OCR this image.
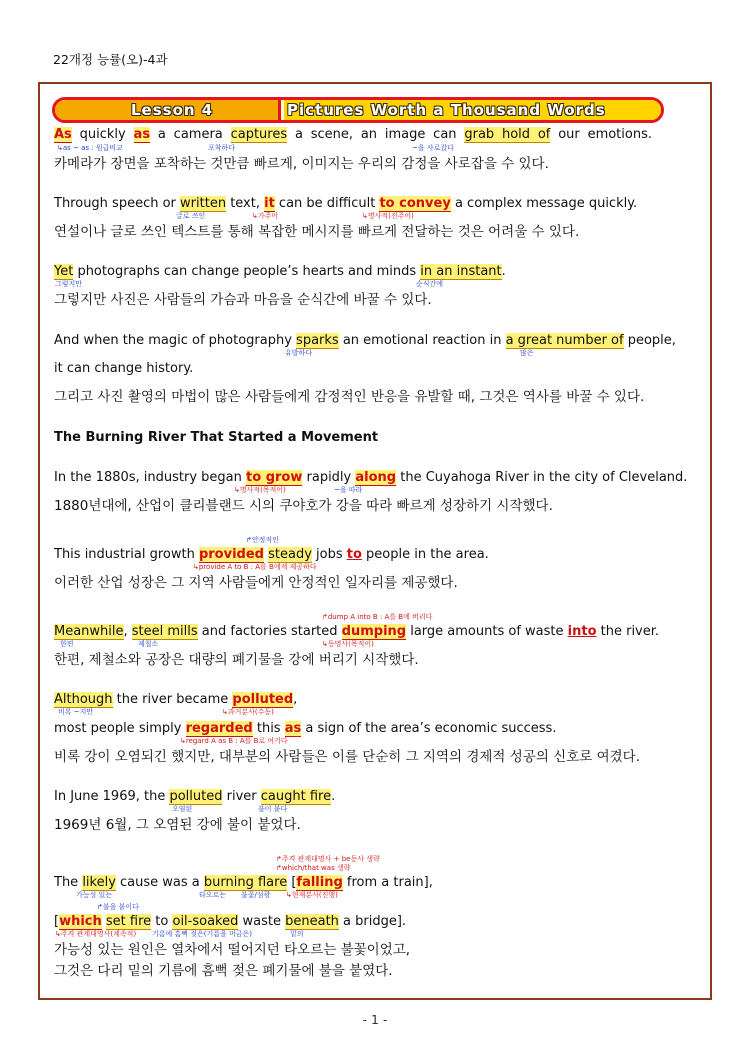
22개정 능률(오)-4과
Lesson 4	Pictures Worth a Thousand Words
As quickly as a camera captures a scene, an image can grab hold of our emotions.
↳as ~ as : 원급비교	포착하다	~을 사로잡다
카메라가 장면을 포착하는 것만큼 빠르게, 이미지는 우리의 감정을 사로잡을 수 있다.
Through speech or written text, it can be difficult to convey a complex message quickly.
글로 쓰인	↳가주어	↳명사적(진주어)
연설이나 글로 쓰인 텍스트를 통해 복잡한 메시지를 빠르게 전달하는 것은 어려울 수 있다.
Yet photographs can change people’s hearts and minds in an instant.
그렇지만	순식간에
그렇지만 사진은 사람들의 가슴과 마음을 순식간에 바꿀 수 있다.
And when the magic of photography sparks an emotional reaction in a great number of people,
유발하다	많은
it can change history.
그리고 사진 촬영의 마법이 많은 사람들에게 감정적인 반응을 유발할 때, 그것은 역사를 바꿀 수 있다.
The Burning River That Started a Movement
In the 1880s, industry began to grow rapidly along the Cuyahoga River in the city of Cleveland.
↳명사적(목적어)	~을 따라
1880년대에, 산업이 클리블랜드 시의 쿠야호가 강을 따라 빠르게 성장하기 시작했다.
↱안정적인
This industrial growth provided steady jobs to people in the area.
↳provide A to B : A를 B에게 제공하다
이러한 산업 성장은 그 지역 사람들에게 안정적인 일자리를 제공했다.
↱dump A into B : A를 B에 버리다
Meanwhile, steel mills and factories started dumping large amounts of waste into the river.
한편	제철소	↳동명사(목적어)
한편, 제철소와 공장은 대량의 폐기물을 강에 버리기 시작했다.
Although the river became polluted,
비록 ~지만	↳과거분사(수동)
most people simply regarded this as a sign of the area’s economic success.
↳regard A as B : A를 B로 여기다
비록 강이 오염되긴 했지만, 대부분의 사람들은 이를 단순히 그 지역의 경제적 성공의 신호로 여겼다.
In June 1969, the polluted river caught fire.
오염된	불이 붙다
1969년 6월, 그 오염된 강에 불이 붙었다.
↱주격 관계대명사 + be동사 생략
↱which/that was 생략
The likely cause was a burning flare [falling from a train],
가능성 있는	타오르는 불꽃/섬광 ↳현재분사(진행)
↱불을 붙이다
[which set fire to oil-soaked waste beneath a bridge].
↳주격 관계대명사(계속적) 기름에 흠뻑 젖은(기름을 머금은)	밑의
가능성 있는 원인은 열차에서 떨어지던 타오르는 불꽃이었고,
그것은 다리 밑의 기름에 흠뻑 젖은 폐기물에 불을 붙였다.
- 1 -
